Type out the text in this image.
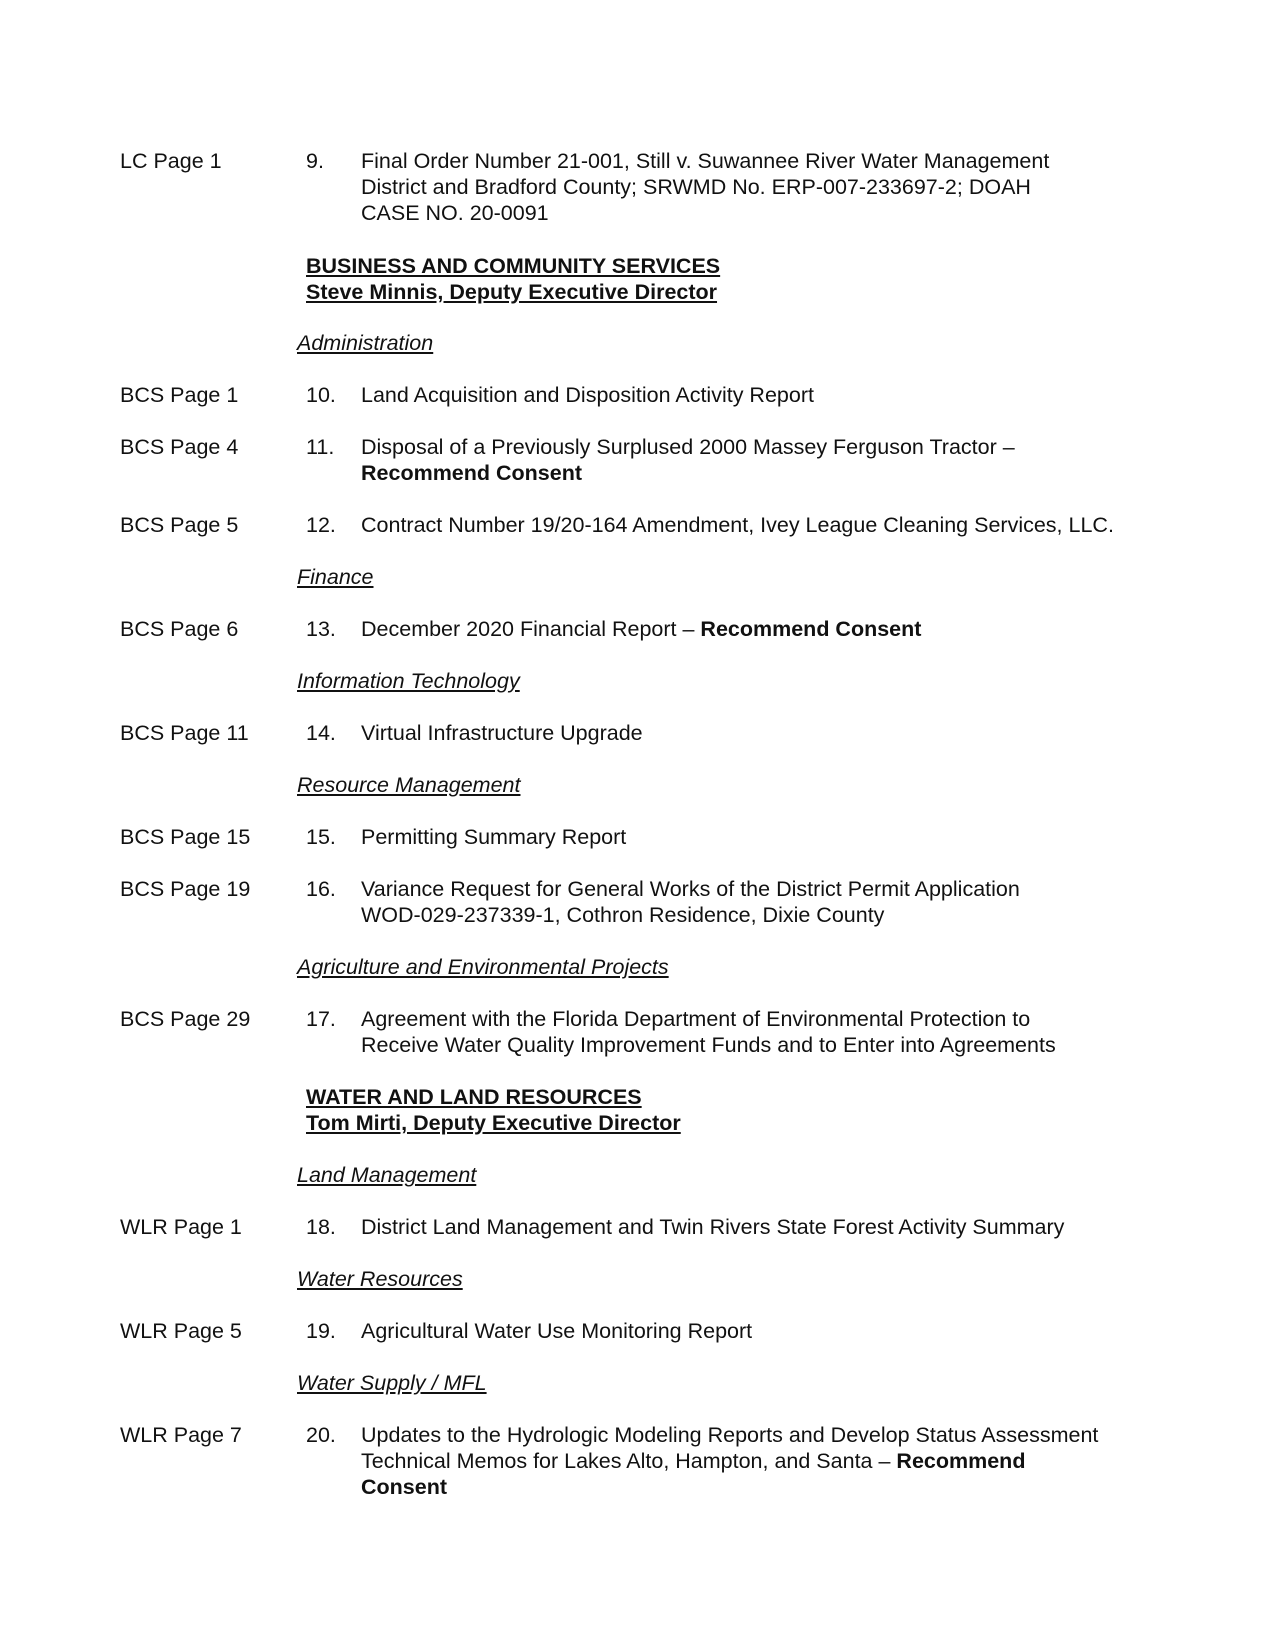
LC Page 1	9. Final Order Number 21-001, Still v. Suwannee River Water Management
District and Bradford County; SRWMD No. ERP-007-233697-2; DOAH
CASE NO. 20-0091
BUSINESS AND COMMUNITY SERVICES
Steve Minnis, Deputy Executive Director
Administration
BCS Page 1	10. Land Acquisition and Disposition Activity Report
BCS Page 4	11. Disposal of a Previously Surplused 2000 Massey Ferguson Tractor –
Recommend Consent
BCS Page 5	12. Contract Number 19/20-164 Amendment, Ivey League Cleaning Services, LLC.
Finance
BCS Page 6	13. December 2020 Financial Report – Recommend Consent
Information Technology
BCS Page 11	14. Virtual Infrastructure Upgrade
Resource Management
BCS Page 15	15. Permitting Summary Report
BCS Page 19	16. Variance Request for General Works of the District Permit Application
WOD-029-237339-1, Cothron Residence, Dixie County
Agriculture and Environmental Projects
BCS Page 29	17. Agreement with the Florida Department of Environmental Protection to
Receive Water Quality Improvement Funds and to Enter into Agreements
WATER AND LAND RESOURCES
Tom Mirti, Deputy Executive Director
Land Management
WLR Page 1	18. District Land Management and Twin Rivers State Forest Activity Summary
Water Resources
WLR Page 5	19. Agricultural Water Use Monitoring Report
Water Supply / MFL
WLR Page 7	20. Updates to the Hydrologic Modeling Reports and Develop Status Assessment
Technical Memos for Lakes Alto, Hampton, and Santa – Recommend
Consent
